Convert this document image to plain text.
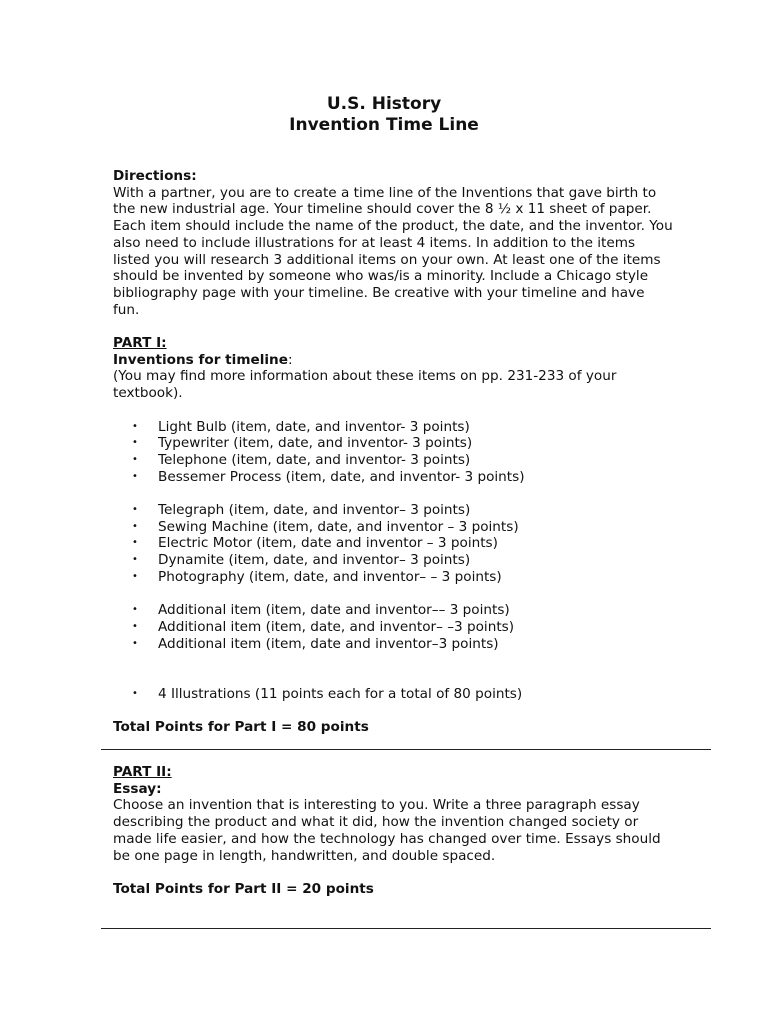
U.S. History
Invention Time Line
Directions:

With a partner, you are to create a time line of the Inventions that gave birth to the new industrial age. Your timeline should cover the 8 ½ x 11 sheet of paper. Each item should include the name of the product, the date, and the inventor. You also need to include illustrations for at least 4 items. In addition to the items listed you will research 3 additional items on your own. At least one of the items should be invented by someone who was/is a minority. Include a Chicago style bibliography page with your timeline. Be creative with your timeline and have fun.

PART I:
Inventions for timeline:

(You may find more information about these items on pp. 231-233 of your textbook).

• Light Bulb (item, date, and inventor- 3 points)
• Typewriter (item, date, and inventor- 3 points)
• Telephone (item, date, and inventor- 3 points)
• Bessemer Process (item, date, and inventor- 3 points)
• Telegraph (item, date, and inventor– 3 points)
• Sewing Machine (item, date, and inventor – 3 points)
• Electric Motor (item, date and inventor – 3 points)
• Dynamite (item, date, and inventor– 3 points)
• Photography (item, date, and inventor– – 3 points)
• Additional item (item, date and inventor–– 3 points)
• Additional item (item, date, and inventor– –3 points)
• Additional item (item, date and inventor–3 points)
• 4 Illustrations (11 points each for a total of 80 points)
Total Points for Part I = 80 points
PART II:
Essay:

Choose an invention that is interesting to you. Write a three paragraph essay describing the product and what it did, how the invention changed society or made life easier, and how the technology has changed over time. Essays should be one page in length, handwritten, and double spaced.

Total Points for Part II = 20 points
